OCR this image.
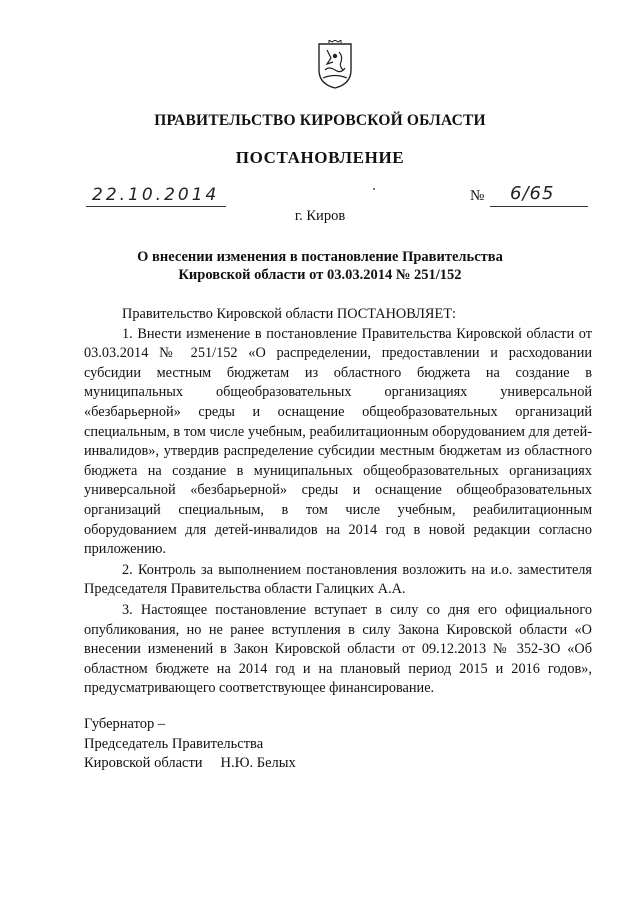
ПРАВИТЕЛЬСТВО КИРОВСКОЙ ОБЛАСТИ
ПОСТАНОВЛЕНИЕ
22.10.2014	№ 6/65
г. Киров
О внесении изменения в постановление Правительства
Кировской области от 03.03.2014 № 251/152

Правительство Кировской области ПОСТАНОВЛЯЕТ:

1. Внести изменение в постановление Правительства Кировской области от 03.03.2014 № 251/152 «О распределении, предоставлении и расходовании субсидии местным бюджетам из областного бюджета на создание в муниципальных общеобразовательных организациях универсальной «безбарьерной» среды и оснащение общеобразовательных организаций специальным, в том числе учебным, реабилитационным оборудованием для детей-инвалидов», утвердив распределение субсидии местным бюджетам из областного бюджета на создание в муниципальных общеобразовательных организациях универсальной «безбарьерной» среды и оснащение общеобразовательных организаций специальным, в том числе учебным, реабилитационным оборудованием для детей-инвалидов на 2014 год в новой редакции согласно приложению.

2. Контроль за выполнением постановления возложить на и.о. заместителя Председателя Правительства области Галицких А.А.

3. Настоящее постановление вступает в силу со дня его официального опубликования, но не ранее вступления в силу Закона Кировской области «О внесении изменений в Закон Кировской области от 09.12.2013 № 352-ЗО «Об областном бюджете на 2014 год и на плановый период 2015 и 2016 годов», предусматривающего соответствующее финансирование.

Губернатор –
Председатель Правительства
Кировской области Н.Ю. Белых
